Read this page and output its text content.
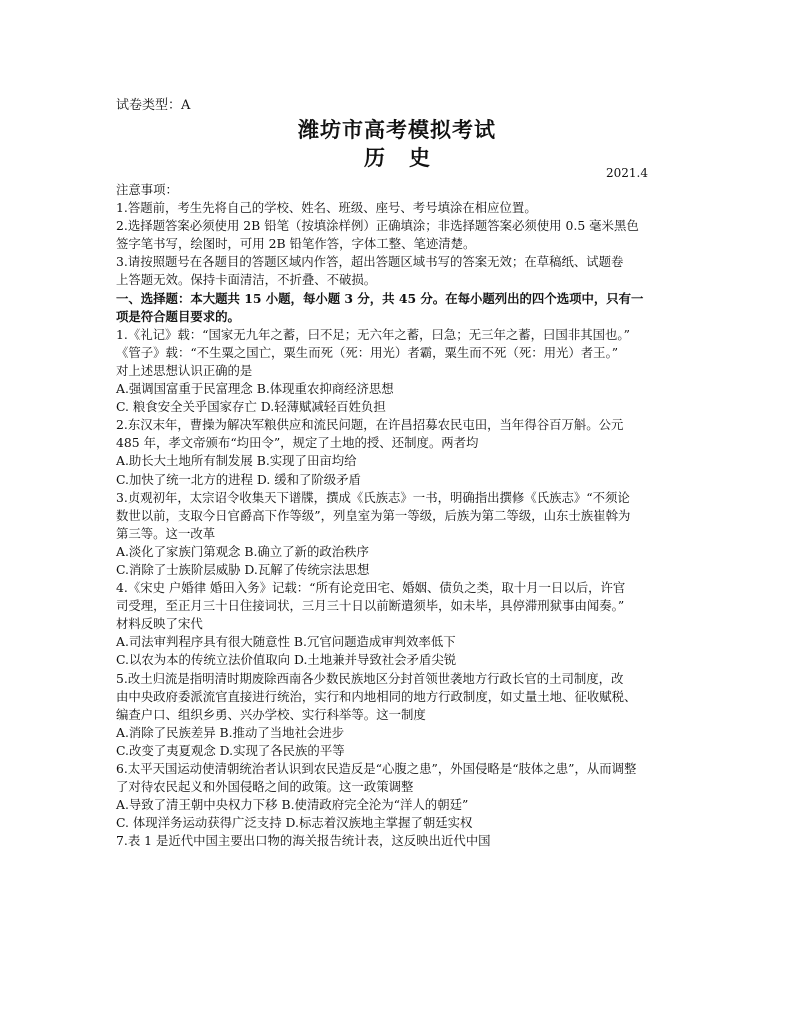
试卷类型：A
潍坊市高考模拟考试
历史
2021.4
注意事项：
1.答题前，考生先将自己的学校、姓名、班级、座号、考号填涂在相应位置。
2.选择题答案必须使用 2B 铅笔（按填涂样例）正确填涂；非选择题答案必须使用 0.5 毫米黑色
签字笔书写，绘图时，可用 2B 铅笔作答，字体工整、笔迹清楚。
3.请按照题号在各题目的答题区域内作答，超出答题区域书写的答案无效；在草稿纸、试题卷
上答题无效。保持卡面清洁，不折叠、不破损。
一、选择题：本大题共 15 小题，每小题 3 分，共 45 分。在每小题列出的四个选项中，只有一
项是符合题目要求的。
1.《礼记》载：“国家无九年之蓄，曰不足；无六年之蓄，曰急；无三年之蓄，曰国非其国也。”
《管子》载：“不生粟之国亡，粟生而死（死：用光）者霸，粟生而不死（死：用光）者王。”
对上述思想认识正确的是
A.强调国富重于民富理念 B.体现重农抑商经济思想
C. 粮食安全关乎国家存亡 D.轻薄赋减轻百姓负担
2.东汉末年，曹操为解决军粮供应和流民问题，在许昌招募农民屯田，当年得谷百万斛。公元
485 年，孝文帝颁布“均田令”，规定了土地的授、还制度。两者均
A.助长大土地所有制发展 B.实现了田亩均给
C.加快了统一北方的进程 D. 缓和了阶级矛盾
3.贞观初年，太宗诏令收集天下谱牒，撰成《氏族志》一书，明确指出撰修《氏族志》“不须论
数世以前，支取今日官爵高下作等级”，列皇室为第一等级，后族为第二等级，山东士族崔斡为
第三等。这一改革
A.淡化了家族门第观念 B.确立了新的政治秩序
C.消除了士族阶层威胁 D.瓦解了传统宗法思想
4.《宋史 户婚律 婚田入务》记载：“所有论竞田宅、婚姻、债负之类，取十月一日以后，许官
司受理，至正月三十日住接词状，三月三十日以前断遣须毕，如未毕，具停滞刑狱事由闻奏。”
材料反映了宋代
A.司法审判程序具有很大随意性 B.冗官问题造成审判效率低下
C.以农为本的传统立法价值取向 D.土地兼并导致社会矛盾尖锐
5.改土归流是指明清时期废除西南各少数民族地区分封首领世袭地方行政长官的土司制度，改
由中央政府委派流官直接进行统治，实行和内地相同的地方行政制度，如丈量土地、征收赋税、
编查户口、组织乡勇、兴办学校、实行科举等。这一制度
A.消除了民族差异 B.推动了当地社会进步
C.改变了夷夏观念 D.实现了各民族的平等
6.太平天国运动使清朝统治者认识到农民造反是“心腹之患”，外国侵略是“肢体之患”，从而调整
了对待农民起义和外国侵略之间的政策。这一政策调整
A.导致了清王朝中央权力下移 B.使清政府完全沦为“洋人的朝廷”
C. 体现洋务运动获得广泛支持 D.标志着汉族地主掌握了朝廷实权
7.表 1 是近代中国主要出口物的海关报告统计表，这反映出近代中国
